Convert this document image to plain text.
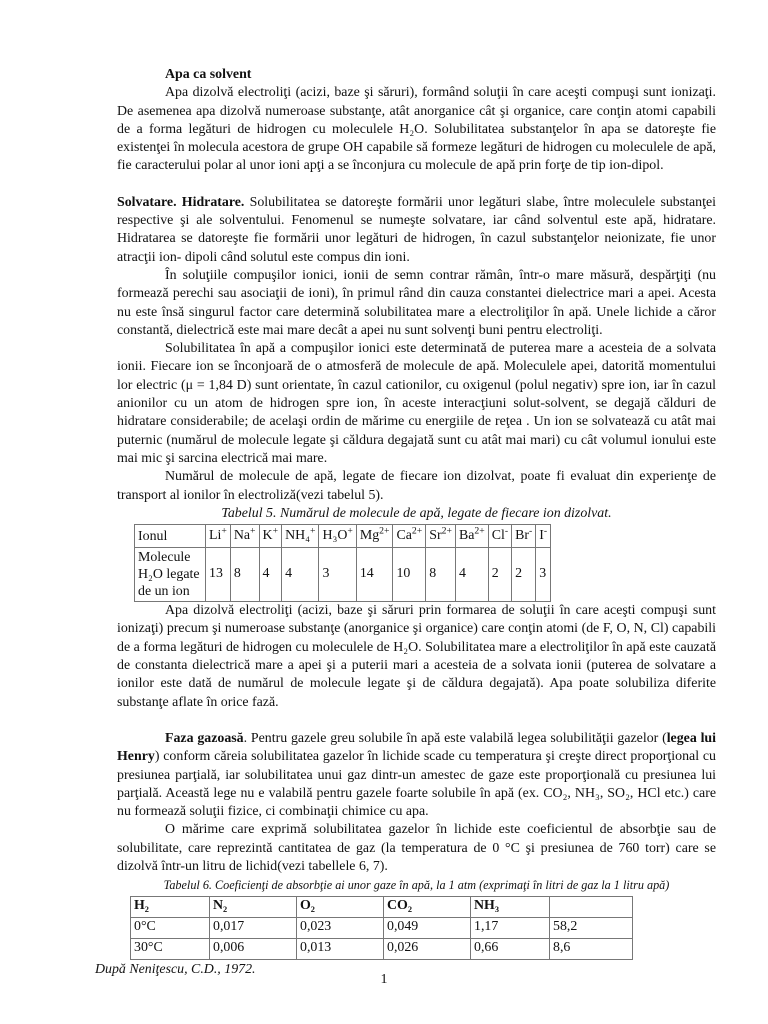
Apa ca solvent

Apa dizolvă electroliţi (acizi, baze şi săruri), formând soluţii în care aceşti compuşi sunt ionizaţi. De asemenea apa dizolvă numeroase substanţe, atât anorganice cât şi organice, care conţin atomi capabili de a forma legături de hidrogen cu moleculele H₂O. Solubilitatea substanţelor în apa se datoreşte fie existenţei în molecula acestora de grupe OH capabile să formeze legături de hidrogen cu moleculele de apă, fie caracterului polar al unor ioni apţi a se înconjura cu molecule de apă prin forţe de tip ion-dipol.

Solvatare. Hidratare. Solubilitatea se datoreşte formării unor legături slabe, între moleculele substanţei respective şi ale solventului. Fenomenul se numeşte solvatare, iar când solventul este apă, hidratare. Hidratarea se datoreşte fie formării unor legături de hidrogen, în cazul substanţelor neionizate, fie unor atracţii ion- dipoli când solutul este compus din ioni.

În soluţiile compuşilor ionici, ionii de semn contrar rămân, într-o mare măsură, despărţiţi (nu formează perechi sau asociaţii de ioni), în primul rând din cauza constantei dielectrice mari a apei. Acesta nu este însă singurul factor care determină solubilitatea mare a electroliţilor în apă. Unele lichide a căror constantă, dielectrică este mai mare decât a apei nu sunt solvenţi buni pentru electroliţi.

Solubilitatea în apă a compuşilor ionici este determinată de puterea mare a acesteia de a solvata ionii. Fiecare ion se înconjoară de o atmosferă de molecule de apă. Moleculele apei, datorită momentului lor electric (μ = 1,84 D) sunt orientate, în cazul cationilor, cu oxigenul (polul negativ) spre ion, iar în cazul anionilor cu un atom de hidrogen spre ion, în aceste interacţiuni solut-solvent, se degajă călduri de hidratare considerabile; de acelaşi ordin de mărime cu energiile de reţea . Un ion se solvatează cu atât mai puternic (numărul de molecule legate şi căldura degajată sunt cu atât mai mari) cu cât volumul ionului este mai mic şi sarcina electrică mai mare.

Numărul de molecule de apă, legate de fiecare ion dizolvat, poate fi evaluat din experienţe de transport al ionilor în electroliză(vezi tabelul 5).

Tabelul 5. Numărul de molecule de apă, legate de fiecare ion dizolvat.

Ionul	Li+	Na+	K+	NH₄+	H₃O+	$Mg^{2+}$	$Ca^{2+}$	$Sr^{2+}$	$Ba^{2+}$	Cl-	Br-	I-
Molecule H₂O legate de un ion	13	8	4	4	3	14	10	8	4	2	2	3

Apa dizolvă electroliţi (acizi, baze şi săruri prin formarea de soluţii în care aceşti compuşi sunt ionizaţi) precum şi numeroase substanţe (anorganice şi organice) care conţin atomi (de F, O, N, Cl) capabili de a forma legături de hidrogen cu moleculele de H₂O. Solubilitatea mare a electroliţilor în apă este cauzată de constanta dielectrică mare a apei şi a puterii mari a acesteia de a solvata ionii (puterea de solvatare a ionilor este dată de numărul de molecule legate şi de căldura degajată). Apa poate solubiliza diferite substanţe aflate în orice fază.

Faza gazoasă. Pentru gazele greu solubile în apă este valabilă legea solubilităţii gazelor (legea lui Henry) conform căreia solubilitatea gazelor în lichide scade cu temperatura şi creşte direct proporţional cu presiunea parţială, iar solubilitatea unui gaz dintr-un amestec de gaze este proporţională cu presiunea lui parţială. Această lege nu e valabilă pentru gazele foarte solubile în apă (ex. CO₂, NH₃, SO₂, HCl etc.) care nu formează soluţii fizice, ci combinaţii chimice cu apa.

O mărime care exprimă solubilitatea gazelor în lichide este coeficientul de absorbţie sau de solubilitate, care reprezintă cantitatea de gaz (la temperatura de 0 °C şi presiunea de 760 torr) care se dizolvă într-un litru de lichid(vezi tabellele 6, 7).

Tabelul 6. Coeficienţi de absorbţie ai unor gaze în apă, la 1 atm (exprimaţi în litri de gaz la 1 litru apă)

H₂	N₂	O₂	CO₂	NH₃	
0°C	0,017	0,023	0,049	1,17	58,2
30°C	0,006	0,013	0,026	0,66	8,6

După Neniţescu, C.D., 1972.

1
